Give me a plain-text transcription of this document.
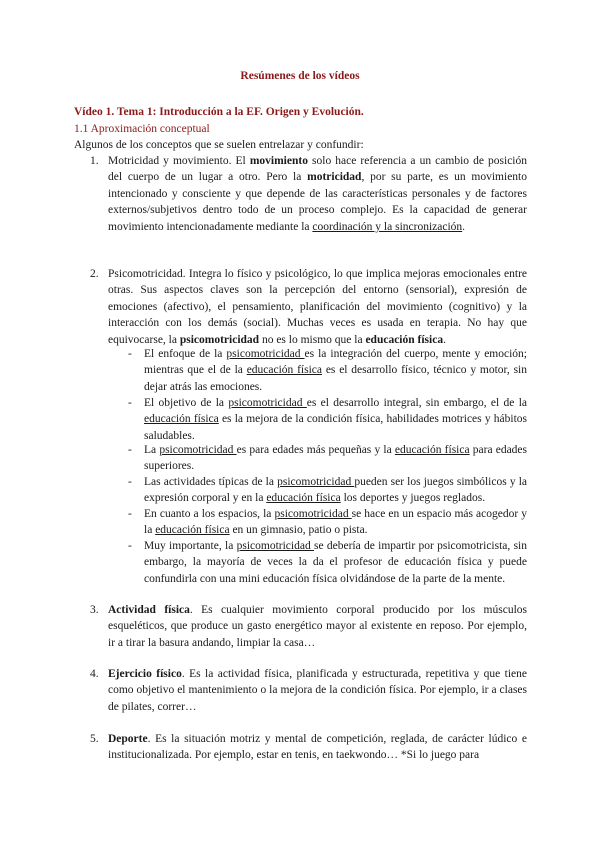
Resúmenes de los vídeos
Vídeo 1. Tema 1: Introducción a la EF. Origen y Evolución.
1.1 Aproximación conceptual
Algunos de los conceptos que se suelen entrelazar y confundir:
1. Motricidad y movimiento. El movimiento solo hace referencia a un cambio de posición del cuerpo de un lugar a otro. Pero la motricidad, por su parte, es un movimiento intencionado y consciente y que depende de las características personales y de factores externos/subjetivos dentro todo de un proceso complejo. Es la capacidad de generar movimiento intencionadamente mediante la coordinación y la sincronización.
2. Psicomotricidad. Integra lo físico y psicológico, lo que implica mejoras emocionales entre otras. Sus aspectos claves son la percepción del entorno (sensorial), expresión de emociones (afectivo), el pensamiento, planificación del movimiento (cognitivo) y la interacción con los demás (social). Muchas veces es usada en terapia. No hay que equivocarse, la psicomotricidad no es lo mismo que la educación física.
- El enfoque de la psicomotricidad es la integración del cuerpo, mente y emoción; mientras que el de la educación física es el desarrollo físico, técnico y motor, sin dejar atrás las emociones.
- El objetivo de la psicomotricidad es el desarrollo integral, sin embargo, el de la educación física es la mejora de la condición física, habilidades motrices y hábitos saludables.
- La psicomotricidad es para edades más pequeñas y la educación física para edades superiores.
- Las actividades típicas de la psicomotricidad pueden ser los juegos simbólicos y la expresión corporal y en la educación física los deportes y juegos reglados.
- En cuanto a los espacios, la psicomotricidad se hace en un espacio más acogedor y la educación física en un gimnasio, patio o pista.
- Muy importante, la psicomotricidad se debería de impartir por psicomotricista, sin embargo, la mayoría de veces la da el profesor de educación física y puede confundirla con una mini educación física olvidándose de la parte de la mente.
3. Actividad física. Es cualquier movimiento corporal producido por los músculos esqueléticos, que produce un gasto energético mayor al existente en reposo. Por ejemplo, ir a tirar la basura andando, limpiar la casa…
4. Ejercicio físico. Es la actividad física, planificada y estructurada, repetitiva y que tiene como objetivo el mantenimiento o la mejora de la condición física. Por ejemplo, ir a clases de pilates, correr…
5. Deporte. Es la situación motriz y mental de competición, reglada, de carácter lúdico e institucionalizada. Por ejemplo, estar en tenis, en taekwondo… *Si lo juego para
